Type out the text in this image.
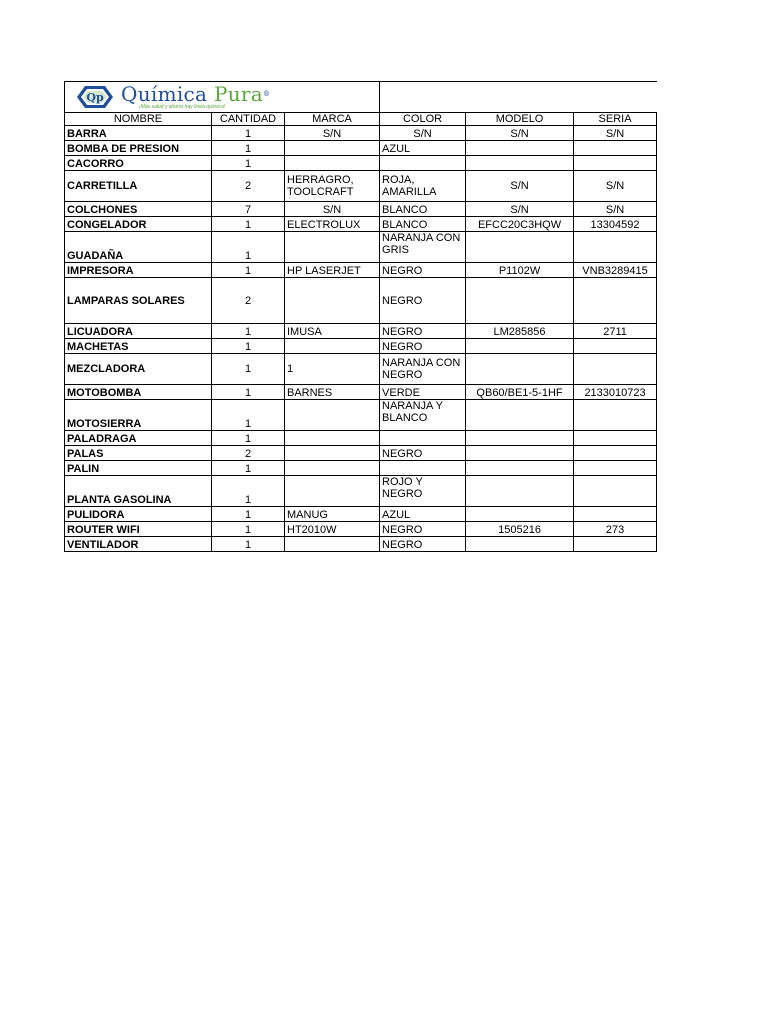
Qp Química Pura®
¡Más salud y ahorro hay línea química!					

NOMBRE	CANTIDAD	MARCA	COLOR	MODELO	SERIA
BARRA	1	S/N	S/N	S/N	S/N
BOMBA DE PRESION	1		AZUL		
CACORRO	1				
CARRETILLA	2	HERRAGRO, TOOLCRAFT	ROJA, AMARILLA	S/N	S/N
COLCHONES	7	S/N	BLANCO	S/N	S/N
CONGELADOR	1	ELECTROLUX	BLANCO	EFCC20C3HQW	13304592
GUADAÑA	1		NARANJA CON GRIS		
IMPRESORA	1	HP LASERJET	NEGRO	P1102W	VNB3289415
LAMPARAS SOLARES	2		NEGRO		
LICUADORA	1	IMUSA	NEGRO	LM285856	2711
MACHETAS	1		NEGRO		
MEZCLADORA	1	1	NARANJA CON NEGRO		
MOTOBOMBA	1	BARNES	VERDE	QB60/BE1-5-1HF	2133010723
MOTOSIERRA	1		NARANJA Y BLANCO		
PALADRAGA	1				
PALAS	2		NEGRO		
PALIN	1				
PLANTA GASOLINA	1		ROJO Y NEGRO		
PULIDORA	1	MANUG	AZUL		
ROUTER WIFI	1	HT2010W	NEGRO	1505216	273
VENTILADOR	1		NEGRO		
